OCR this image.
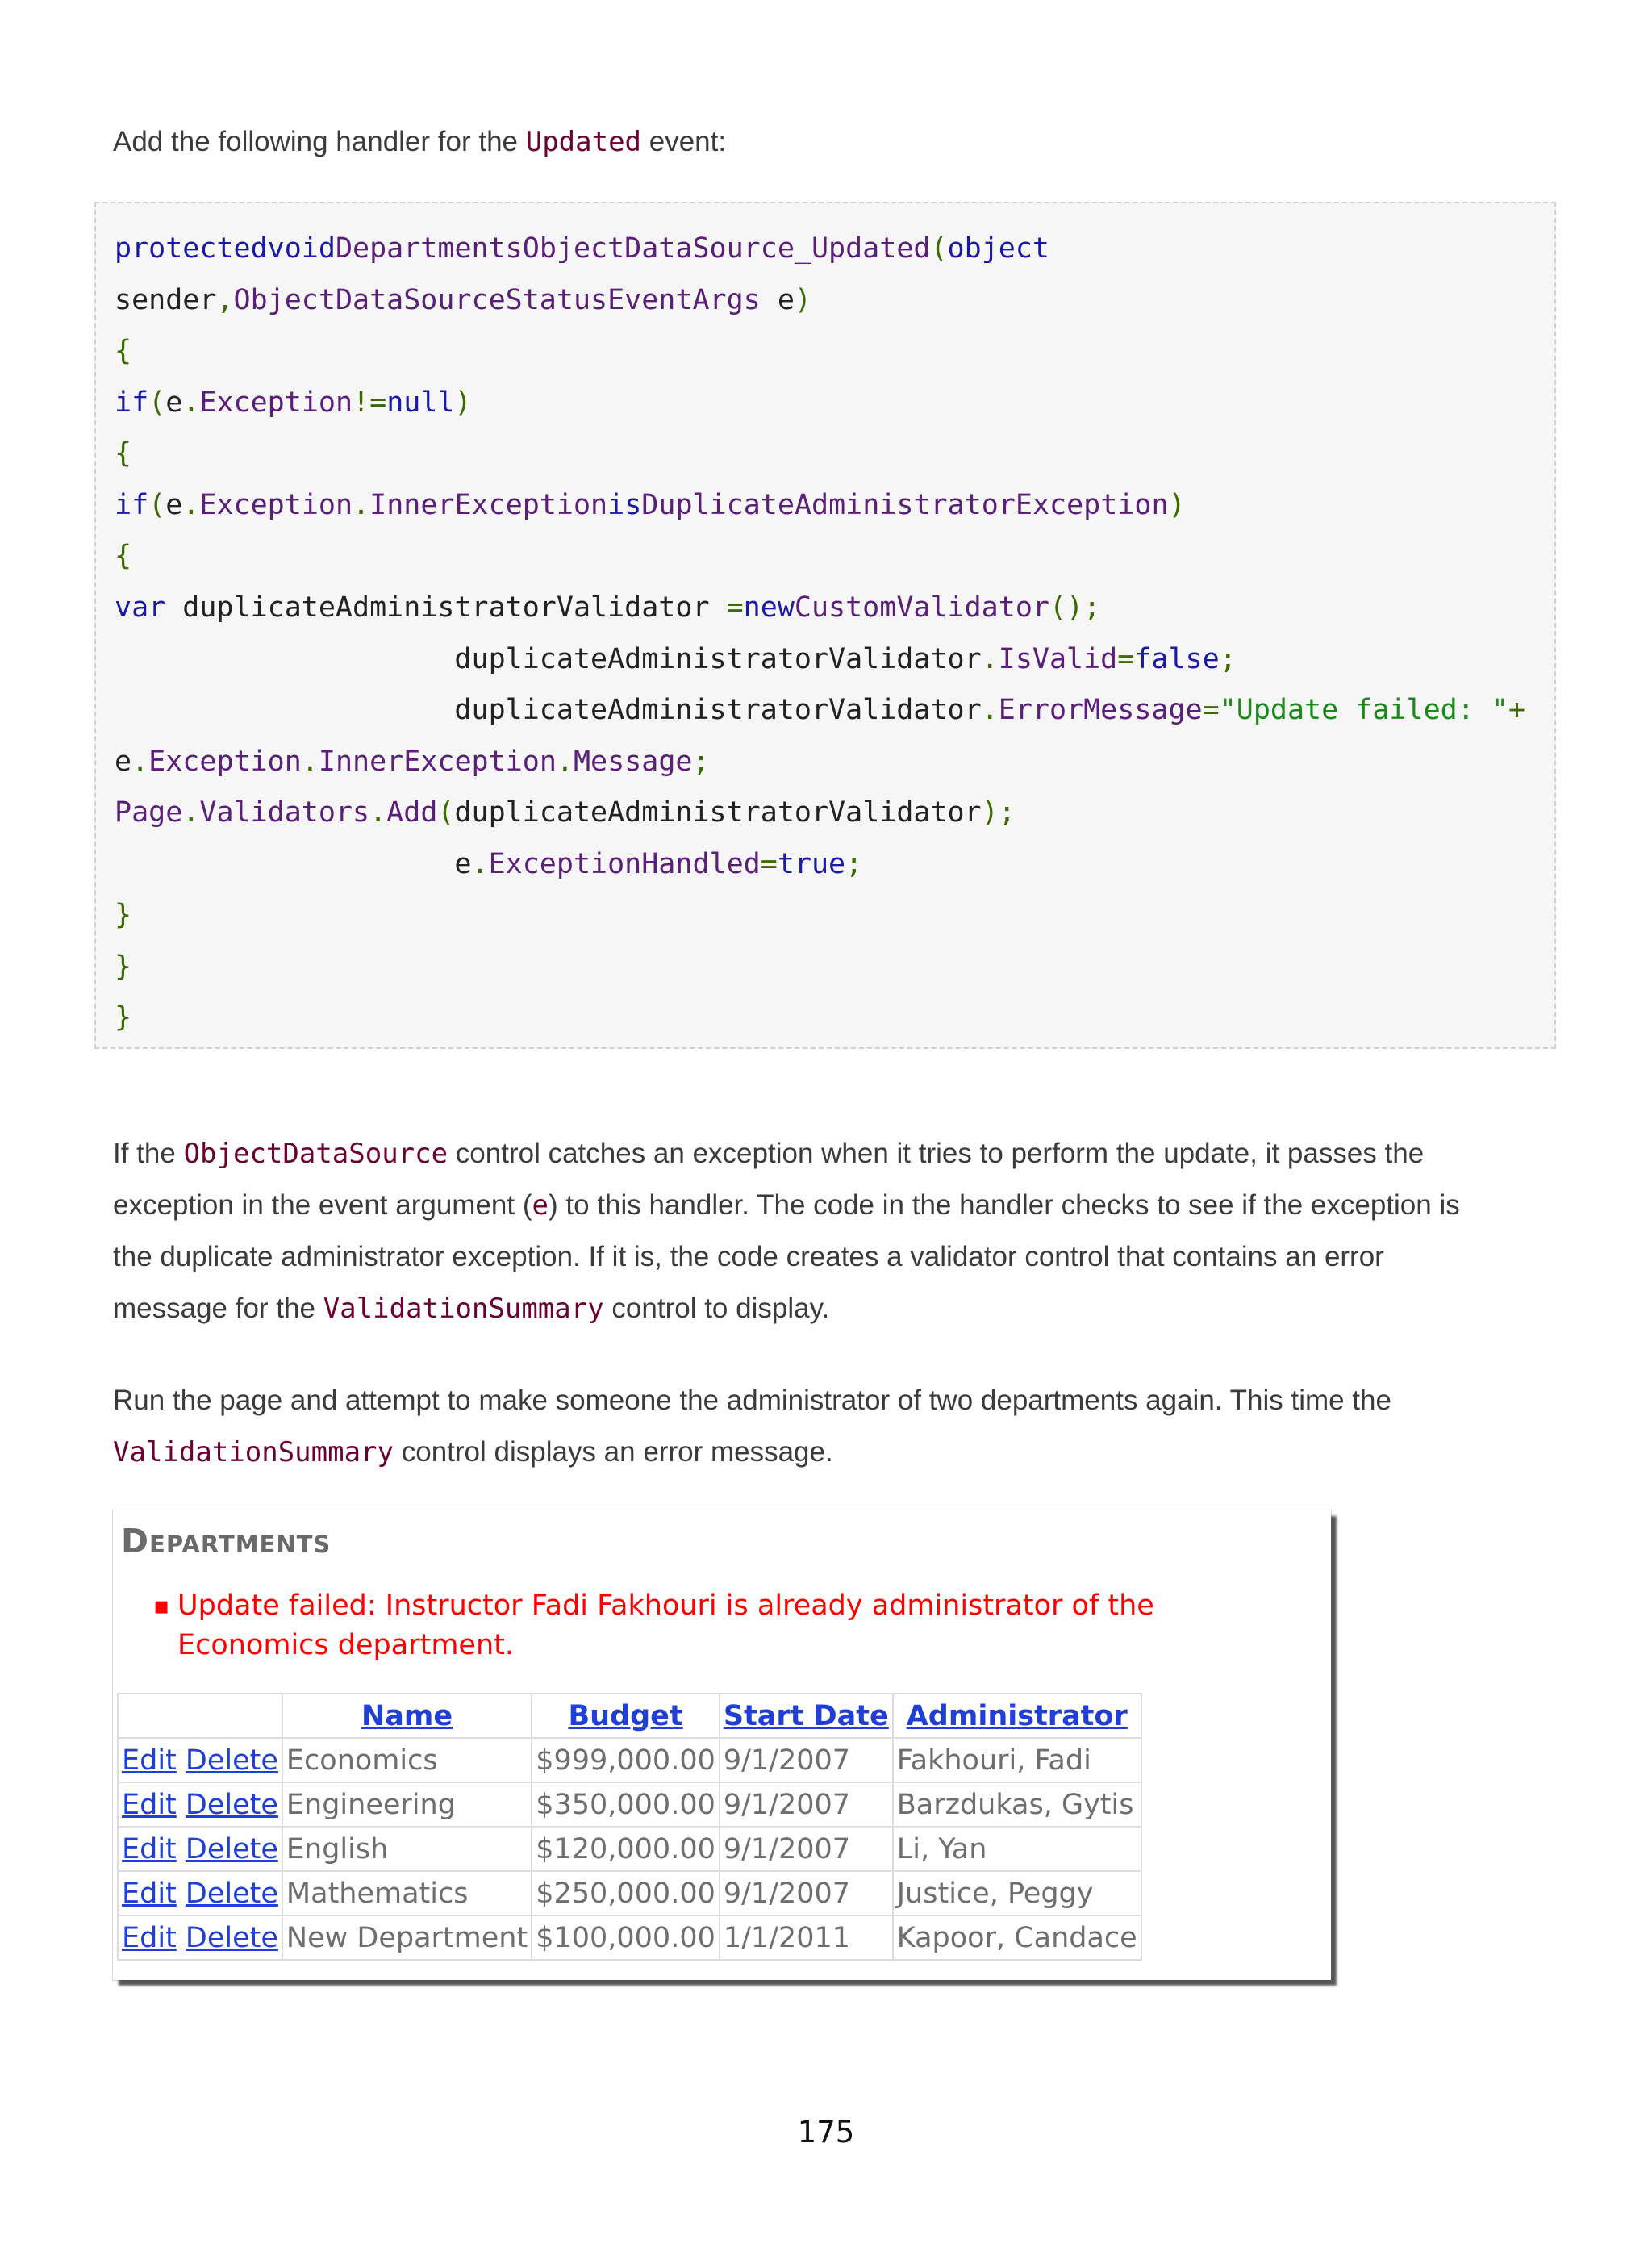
Add the following handler for the Updated event:

protectedvoidDepartmentsObjectDataSource_Updated(object
sender,ObjectDataSourceStatusEventArgs e)
{
if(e.Exception!=null)
{
if(e.Exception.InnerExceptionisDuplicateAdministratorException)
{
var duplicateAdministratorValidator =newCustomValidator();
duplicateAdministratorValidator.IsValid=false;
duplicateAdministratorValidator.ErrorMessage="Update failed: "+
e.Exception.InnerException.Message;
Page.Validators.Add(duplicateAdministratorValidator);
e.ExceptionHandled=true;
}
}
}

If the ObjectDataSource control catches an exception when it tries to perform the update, it passes the exception in the event argument (e) to this handler. The code in the handler checks to see if the exception is the duplicate administrator exception. If it is, the code creates a validator control that contains an error message for the ValidationSummary control to display.

Run the page and attempt to make someone the administrator of two departments again. This time the ValidationSummary control displays an error message.

Departments
▪ Update failed: Instructor Fadi Fakhouri is already administrator of the Economics department.
	Name	Budget	Start Date	Administrator
Edit Delete	Economics	$999,000.00	9/1/2007	Fakhouri, Fadi
Edit Delete	Engineering	$350,000.00	9/1/2007	Barzdukas, Gytis
Edit Delete	English	$120,000.00	9/1/2007	Li, Yan
Edit Delete	Mathematics	$250,000.00	9/1/2007	Justice, Peggy
Edit Delete	New Department	$100,000.00	1/1/2011	Kapoor, Candace
175
